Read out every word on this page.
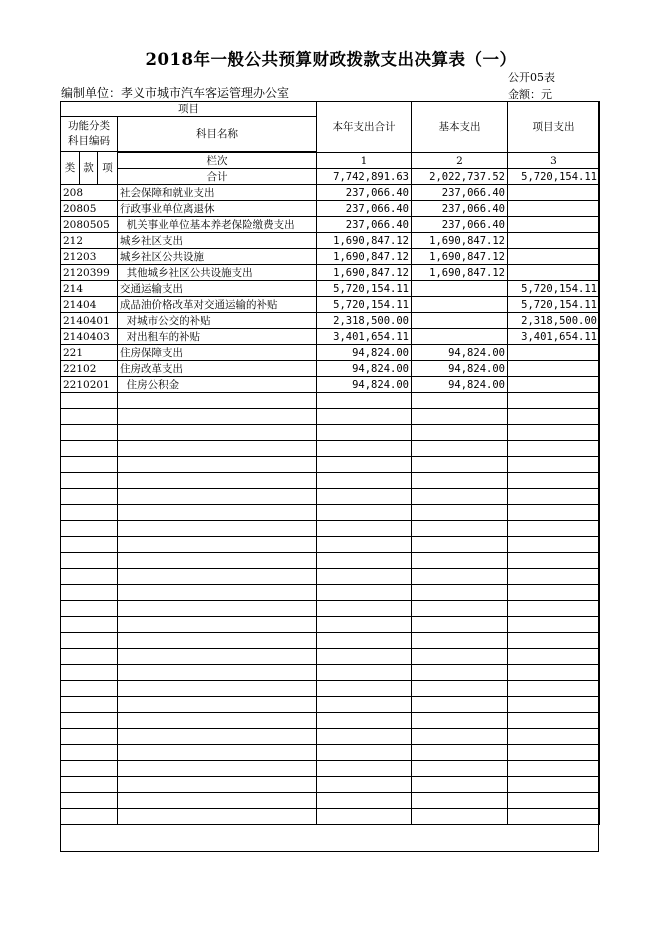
2018年一般公共预算财政拨款支出决算表（一）
公开05表
编制单位：孝义市城市汽车客运管理办公室	金额：元
项目				本年支出合计	基本支出	项目支出

功能分类
科目编码			科目名称			

类	款	项				
			栏次	1	2	3
			合计	7,742,891.63	2,022,737.52	5,720,154.11
208			社会保障和就业支出	237,066.40	237,066.40	
20805			行政事业单位离退休	237,066.40	237,066.40	
2080505			机关事业单位基本养老保险缴费支出	237,066.40	237,066.40	
212			城乡社区支出	1,690,847.12	1,690,847.12	
21203			城乡社区公共设施	1,690,847.12	1,690,847.12	
2120399			其他城乡社区公共设施支出	1,690,847.12	1,690,847.12	
214			交通运输支出	5,720,154.11		5,720,154.11
21404			成品油价格改革对交通运输的补贴	5,720,154.11		5,720,154.11
2140401			对城市公交的补贴	2,318,500.00		2,318,500.00
2140403			对出租车的补贴	3,401,654.11		3,401,654.11
221			住房保障支出	94,824.00	94,824.00	
22102			住房改革支出	94,824.00	94,824.00	
2210201			住房公积金	94,824.00	94,824.00	
